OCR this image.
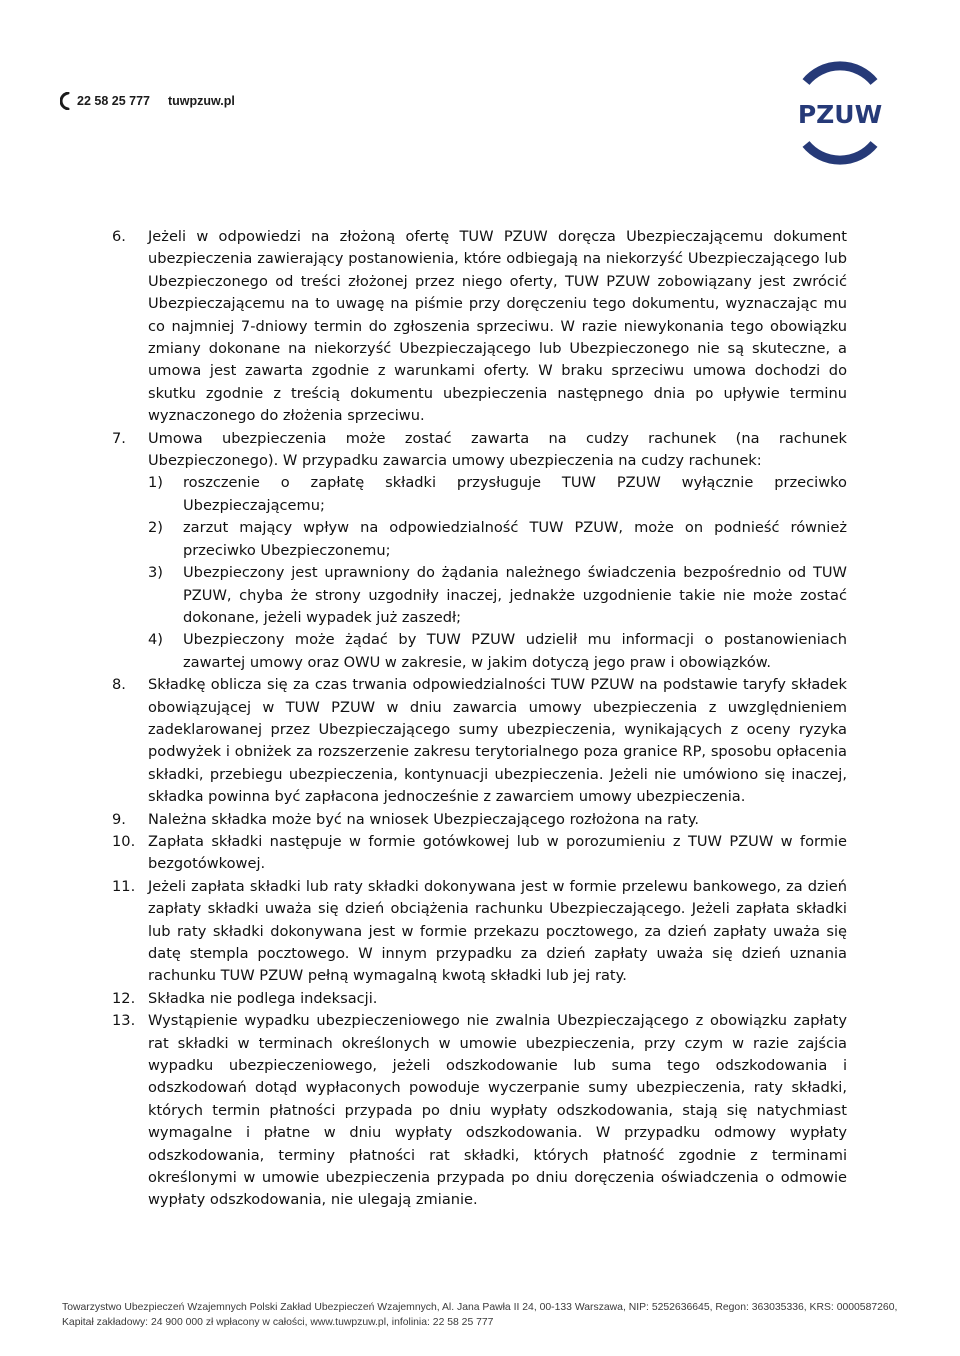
22 58 25 777 tuwpzuw.pl	PZUW
6. Jeżeli w odpowiedzi na złożoną ofertę TUW PZUW doręcza Ubezpieczającemu dokument ubezpieczenia zawierający postanowienia, które odbiegają na niekorzyść Ubezpieczającego lub Ubezpieczonego od treści złożonej przez niego oferty, TUW PZUW zobowiązany jest zwrócić Ubezpieczającemu na to uwagę na piśmie przy doręczeniu tego dokumentu, wyznaczając mu co najmniej 7-dniowy termin do zgłoszenia sprzeciwu. W razie niewykonania tego obowiązku zmiany dokonane na niekorzyść Ubezpieczającego lub Ubezpieczonego nie są skuteczne, a umowa jest zawarta zgodnie z warunkami oferty. W braku sprzeciwu umowa dochodzi do skutku zgodnie z treścią dokumentu ubezpieczenia następnego dnia po upływie terminu wyznaczonego do złożenia sprzeciwu.
7. Umowa ubezpieczenia może zostać zawarta na cudzy rachunek (na rachunek Ubezpieczonego). W przypadku zawarcia umowy ubezpieczenia na cudzy rachunek:
1) roszczenie o zapłatę składki przysługuje TUW PZUW wyłącznie przeciwko Ubezpieczającemu;
2) zarzut mający wpływ na odpowiedzialność TUW PZUW, może on podnieść również przeciwko Ubezpieczonemu;
3) Ubezpieczony jest uprawniony do żądania należnego świadczenia bezpośrednio od TUW PZUW, chyba że strony uzgodniły inaczej, jednakże uzgodnienie takie nie może zostać dokonane, jeżeli wypadek już zaszedł;
4) Ubezpieczony może żądać by TUW PZUW udzielił mu informacji o postanowieniach zawartej umowy oraz OWU w zakresie, w jakim dotyczą jego praw i obowiązków.
8. Składkę oblicza się za czas trwania odpowiedzialności TUW PZUW na podstawie taryfy składek obowiązującej w TUW PZUW w dniu zawarcia umowy ubezpieczenia z uwzględnieniem zadeklarowanej przez Ubezpieczającego sumy ubezpieczenia, wynikających z oceny ryzyka podwyżek i obniżek za rozszerzenie zakresu terytorialnego poza granice RP, sposobu opłacenia składki, przebiegu ubezpieczenia, kontynuacji ubezpieczenia. Jeżeli nie umówiono się inaczej, składka powinna być zapłacona jednocześnie z zawarciem umowy ubezpieczenia.
9. Należna składka może być na wniosek Ubezpieczającego rozłożona na raty.
10. Zapłata składki następuje w formie gotówkowej lub w porozumieniu z TUW PZUW w formie bezgotówkowej.
11. Jeżeli zapłata składki lub raty składki dokonywana jest w formie przelewu bankowego, za dzień zapłaty składki uważa się dzień obciążenia rachunku Ubezpieczającego. Jeżeli zapłata składki lub raty składki dokonywana jest w formie przekazu pocztowego, za dzień zapłaty uważa się datę stempla pocztowego. W innym przypadku za dzień zapłaty uważa się dzień uznania rachunku TUW PZUW pełną wymagalną kwotą składki lub jej raty.
12. Składka nie podlega indeksacji.
13. Wystąpienie wypadku ubezpieczeniowego nie zwalnia Ubezpieczającego z obowiązku zapłaty rat składki w terminach określonych w umowie ubezpieczenia, przy czym w razie zajścia wypadku ubezpieczeniowego, jeżeli odszkodowanie lub suma tego odszkodowania i odszkodowań dotąd wypłaconych powoduje wyczerpanie sumy ubezpieczenia, raty składki, których termin płatności przypada po dniu wypłaty odszkodowania, stają się natychmiast wymagalne i płatne w dniu wypłaty odszkodowania. W przypadku odmowy wypłaty odszkodowania, terminy płatności rat składki, których płatność zgodnie z terminami określonymi w umowie ubezpieczenia przypada po dniu doręczenia oświadczenia o odmowie wypłaty odszkodowania, nie ulegają zmianie.
Towarzystwo Ubezpieczeń Wzajemnych Polski Zakład Ubezpieczeń Wzajemnych, Al. Jana Pawła II 24, 00-133 Warszawa, NIP: 5252636645, Regon: 363035336, KRS: 0000587260,
Kapitał zakładowy: 24 900 000 zł wpłacony w całości, www.tuwpzuw.pl, infolinia: 22 58 25 777
